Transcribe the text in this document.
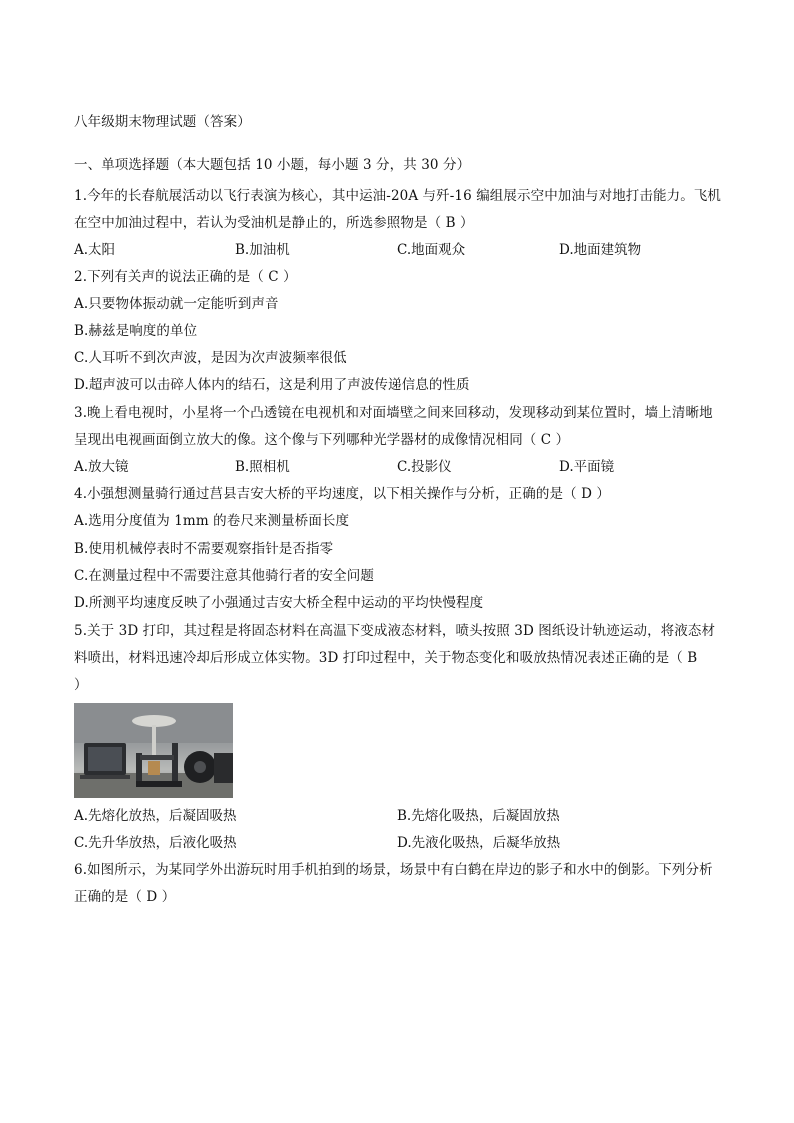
八年级期末物理试题（答案）
一、单项选择题（本大题包括 10 小题，每小题 3 分，共 30 分）
1.今年的长春航展活动以飞行表演为核心，其中运油-20A 与歼-16 编组展示空中加油与对地打击能力。飞机
在空中加油过程中，若认为受油机是静止的，所选参照物是（ B ）
A.太阳	B.加油机	C.地面观众	D.地面建筑物
2.下列有关声的说法正确的是（ C ）
A.只要物体振动就一定能听到声音
B.赫兹是响度的单位
C.人耳听不到次声波，是因为次声波频率很低
D.超声波可以击碎人体内的结石，这是利用了声波传递信息的性质
3.晚上看电视时，小星将一个凸透镜在电视机和对面墙壁之间来回移动，发现移动到某位置时，墙上清晰地
呈现出电视画面倒立放大的像。这个像与下列哪种光学器材的成像情况相同（ C ）
A.放大镜	B.照相机	C.投影仪	D.平面镜
4.小强想测量骑行通过莒县吉安大桥的平均速度，以下相关操作与分析，正确的是（ D ）
A.选用分度值为 1mm 的卷尺来测量桥面长度
B.使用机械停表时不需要观察指针是否指零
C.在测量过程中不需要注意其他骑行者的安全问题
D.所测平均速度反映了小强通过吉安大桥全程中运动的平均快慢程度
5.关于 3D 打印，其过程是将固态材料在高温下变成液态材料，喷头按照 3D 图纸设计轨迹运动，将液态材
料喷出，材料迅速冷却后形成立体实物。3D 打印过程中，关于物态变化和吸放热情况表述正确的是（ B
）
A.先熔化放热，后凝固吸热	B.先熔化吸热，后凝固放热
C.先升华放热，后液化吸热	D.先液化吸热，后凝华放热
6.如图所示，为某同学外出游玩时用手机拍到的场景，场景中有白鹤在岸边的影子和水中的倒影。下列分析
正确的是（ D ）
